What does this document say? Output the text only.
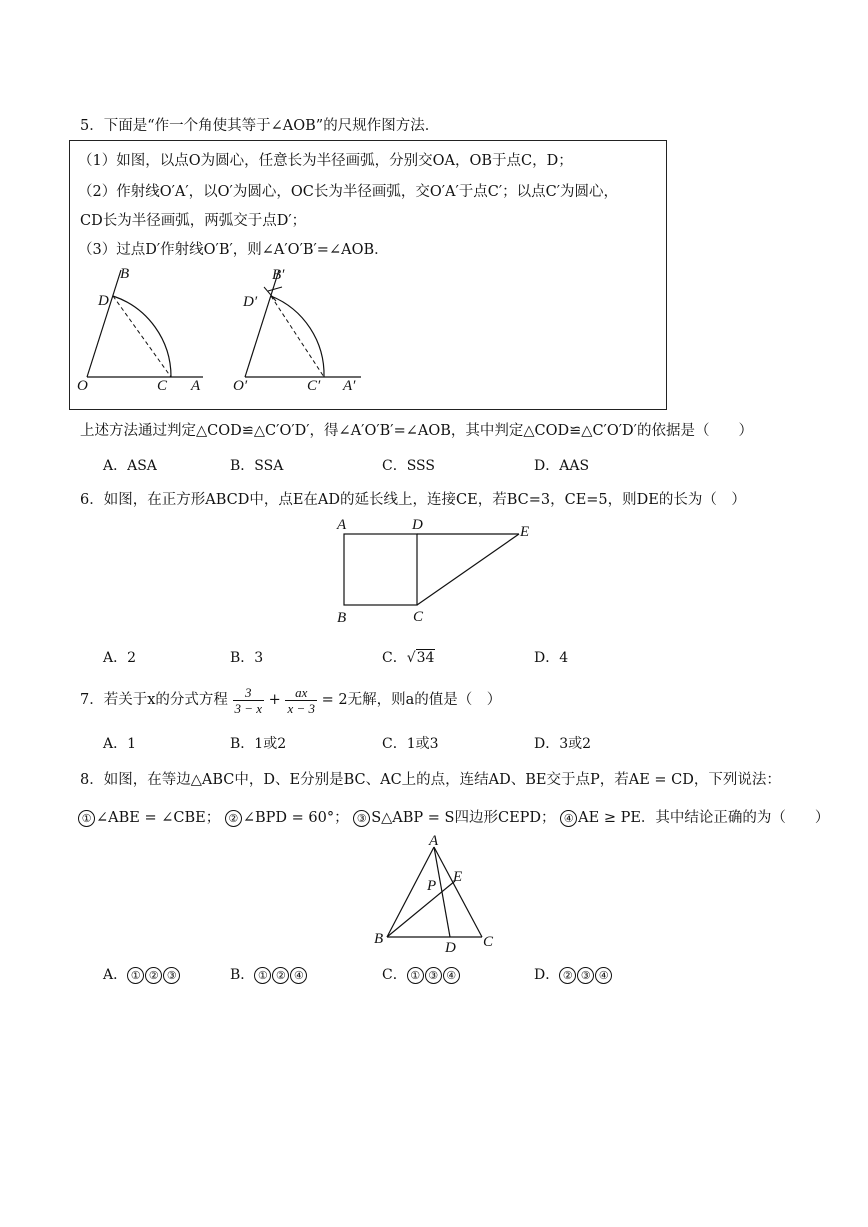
5．下面是“作一个角使其等于∠AOB”的尺规作图方法．
（1）如图，以点O为圆心，任意长为半径画弧，分别交OA，OB于点C，D；
（2）作射线O′A′，以O′为圆心，OC长为半径画弧，交O′A′于点C′；以点C′为圆心，
CD长为半径画弧，两弧交于点D′；
（3）过点D′作射线O′B′，则∠A′O′B′=∠AOB．
B
D
O	C A
B′
D′
O′	C′ A′
上述方法通过判定△COD≌△C′O′D′，得∠A′O′B′=∠AOB，其中判定△COD≌△C′O′D′的依据是（　　）
A．ASA	B．SSA	C．SSS	D．AAS
6．如图，在正方形ABCD中，点E在AD的延长线上，连接CE，若BC=3，CE=5，则DE的长为（　）
A	D	E
B	C
A．2	B．3	C．√34	D．4
7．若关于x的分式方程 $\frac{3}{3 - x} + \frac{ax}{x - 3} = 2$无解，则a的值是（　）
A．1	B．1或2	C．1或3	D．3或2
8．如图，在等边△ABC中，D、E分别是BC、AC上的点，连结AD、BE交于点P，若AE = CD，下列说法：
① ∠ABE = ∠CBE； ② ∠BPD = 60°； ③ S△ABP = S四边形CEPD； ④ AE ≥ PE．其中结论正确的为（　　）
A
P
E
B
D C
A． ① ② ③	B． ① ② ④	C． ① ③ ④	D． ② ③ ④
